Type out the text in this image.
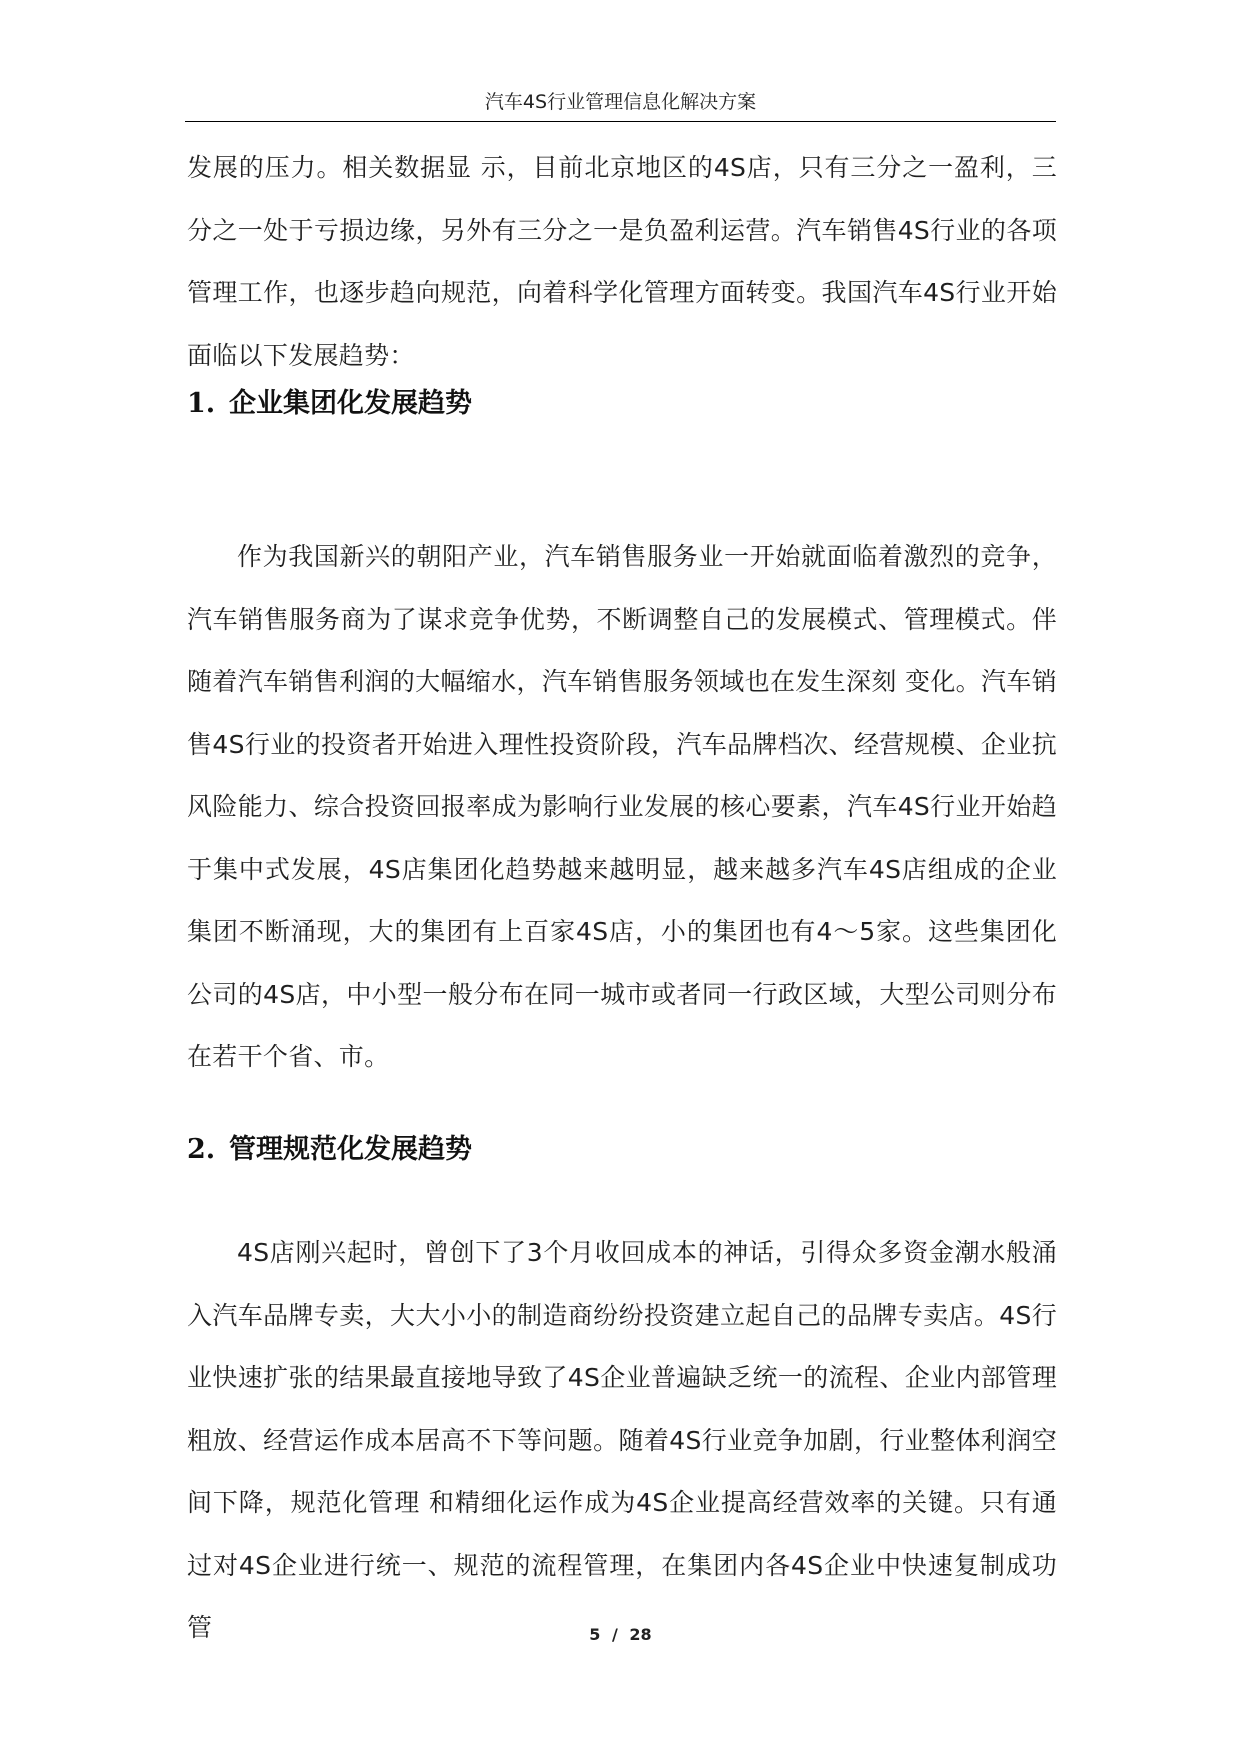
汽车4S行业管理信息化解决方案

发展的压力。相关数据显 示，目前北京地区的4S店，只有三分之一盈利，三分之一处于亏损边缘，另外有三分之一是负盈利运营。汽车销售4S行业的各项管理工作，也逐步趋向规范，向着科学化管理方面转变。我国汽车4S行业开始面临以下发展趋势：

1. 企业集团化发展趋势

作为我国新兴的朝阳产业，汽车销售服务业一开始就面临着激烈的竞争，汽车销售服务商为了谋求竞争优势，不断调整自己的发展模式、管理模式。伴随着汽车销售利润的大幅缩水，汽车销售服务领域也在发生深刻 变化。汽车销售4S行业的投资者开始进入理性投资阶段，汽车品牌档次、经营规模、企业抗风险能力、综合投资回报率成为影响行业发展的核心要素，汽车4S行业开始趋于集中式发展，4S店集团化趋势越来越明显，越来越多汽车4S店组成的企业集团不断涌现，大的集团有上百家4S店，小的集团也有4～5家。这些集团化公司的4S店，中小型一般分布在同一城市或者同一行政区域，大型公司则分布在若干个省、市。

2. 管理规范化发展趋势

4S店刚兴起时，曾创下了3个月收回成本的神话，引得众多资金潮水般涌入汽车品牌专卖，大大小小的制造商纷纷投资建立起自己的品牌专卖店。4S行业快速扩张的结果最直接地导致了4S企业普遍缺乏统一的流程、企业内部管理粗放、经营运作成本居高不下等问题。随着4S行业竞争加剧，行业整体利润空间下降，规范化管理 和精细化运作成为4S企业提高经营效率的关键。只有通过对4S企业进行统一、规范的流程管理，在集团内各4S企业中快速复制成功管	5 / 28
